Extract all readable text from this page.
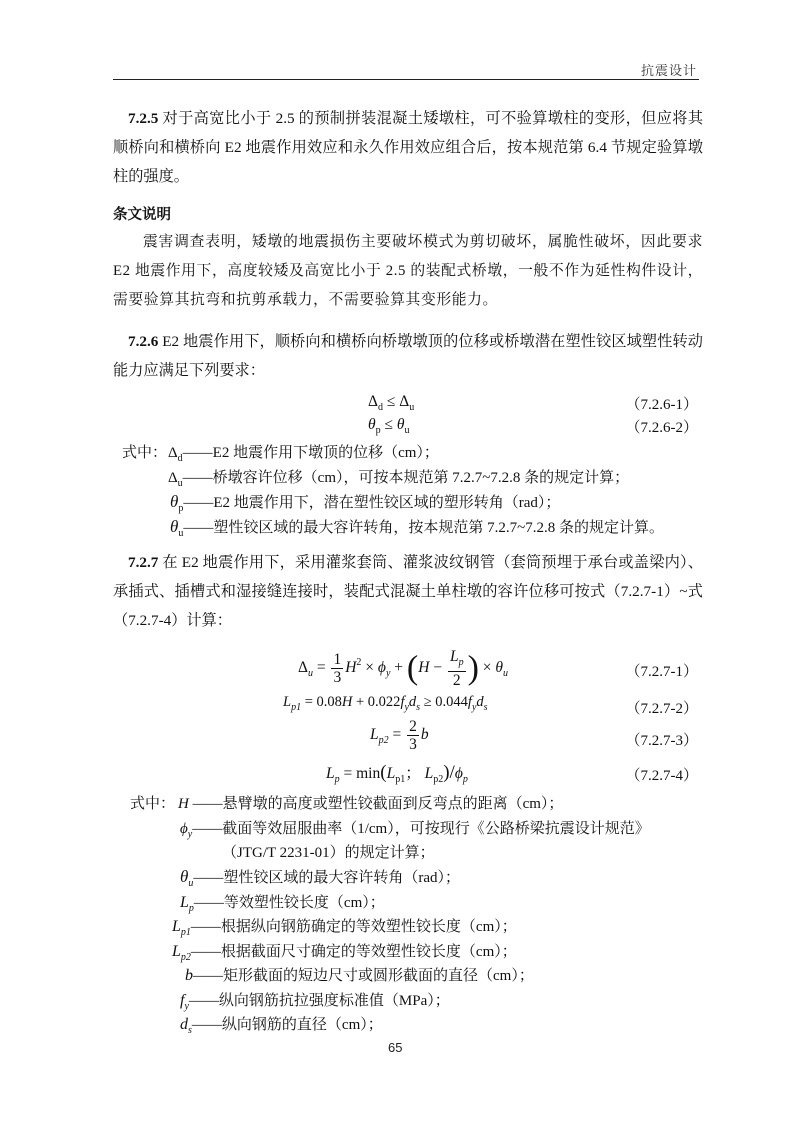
抗震设计
7.2.5 对于高宽比小于 2.5 的预制拼装混凝土矮墩柱，可不验算墩柱的变形，但应将其顺桥向和横桥向 E2 地震作用效应和永久作用效应组合后，按本规范第 6.4 节规定验算墩柱的强度。
条文说明
震害调查表明，矮墩的地震损伤主要破坏模式为剪切破坏，属脆性破坏，因此要求 E2 地震作用下，高度较矮及高宽比小于 2.5 的装配式桥墩，一般不作为延性构件设计，需要验算其抗弯和抗剪承载力，不需要验算其变形能力。
7.2.6 E2 地震作用下，顺桥向和横桥向桥墩墩顶的位移或桥墩潜在塑性铰区域塑性转动能力应满足下列要求：
$\Delta_d \le \Delta_u$	（7.2.6-1）
$\theta_p \le \theta_u$	（7.2.6-2）
式中： $\Delta_d——E2$ 地震作用下墩顶的位移（cm）；
$\Delta_u——$桥墩容许位移（cm），可按本规范第 7.2.7~7.2.8 条的规定计算；
$\theta_p——E2$ 地震作用下，潜在塑性铰区域的塑形转角（rad）；
$\theta_u——$塑性铰区域的最大容许转角，按本规范第 7.2.7~7.2.8 条的规定计算。
7.2.7 在 E2 地震作用下，采用灌浆套筒、灌浆波纹钢管（套筒预埋于承台或盖梁内）、承插式、插槽式和湿接缝连接时，装配式混凝土单柱墩的容许位移可按式（7.2.7-1）~式（7.2.7-4）计算：
$\Delta_u = \frac{1}{3} H^2 \times \phi_y + (H - \frac{L_p}{2}$ ) × $\theta_u$	（7.2.7-1）
$L_{p1} = 0.08H + 0.022f_yd_s \ge 0.044f_yd_s$	（7.2.7-2）
$L_{p2} = \frac{2}{3}$ b	（7.2.7-3）
$L_p = \min(L_{p1}$； $L_{p2})/\phi_p$	（7.2.7-4）
式中： H ——悬臂墩的高度或塑性铰截面到反弯点的距离（cm）；
$\phi_y——$截面等效屈服曲率（1/cm），可按现行《公路桥梁抗震设计规范》
（JTG/T 2231-01）的规定计算；
$\theta_u——$塑性铰区域的最大容许转角（rad）；
$L_p——$等效塑性铰长度（cm）；
$L_{p1}——$根据纵向钢筋确定的等效塑性铰长度（cm）；
$L_{p2}——$根据截面尺寸确定的等效塑性铰长度（cm）；
b——矩形截面的短边尺寸或圆形截面的直径（cm）；
$f_y——$纵向钢筋抗拉强度标准值（MPa）；
$d_s——$纵向钢筋的直径（cm）；
65
